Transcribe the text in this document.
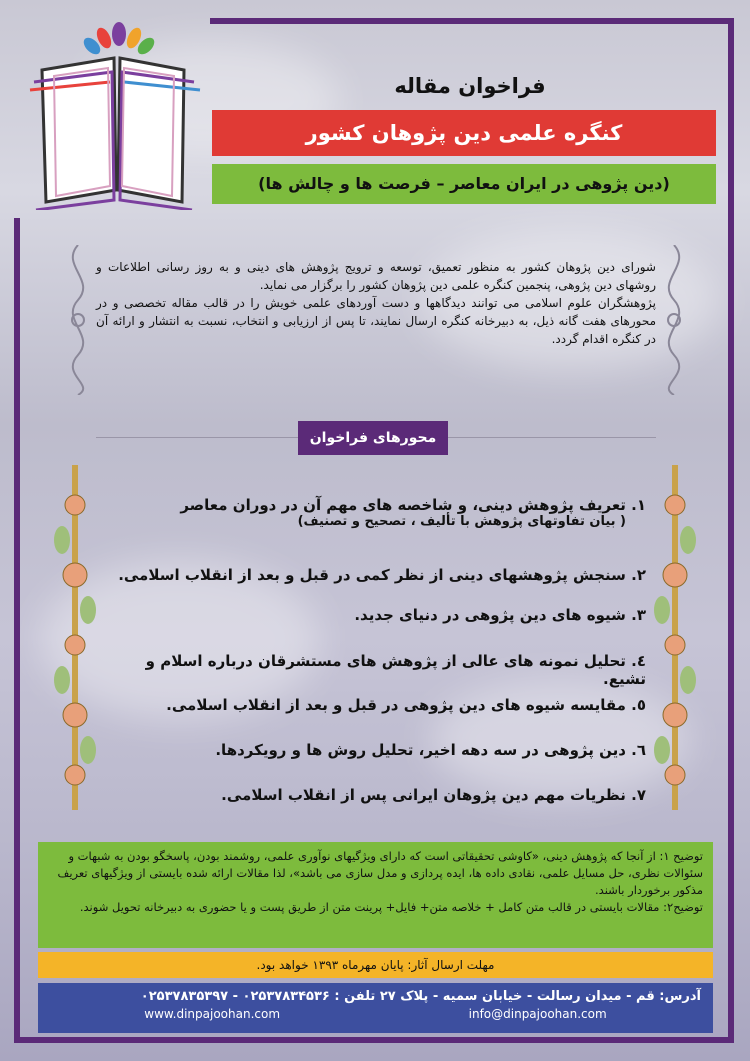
فراخوان مقاله
کنگره علمی دین پژوهان کشور
(دین پژوهی در ایران معاصر – فرصت ها و چالش ها)

شورای دین پژوهان کشور به منظور تعمیق، توسعه و ترویج پژوهش های دینی و به روز رسانی اطلاعات و روشهای دین پژوهی، پنجمین کنگره علمی دین پژوهان کشور را برگزار می نماید.

پژوهشگران علوم اسلامی می توانند دیدگاهها و دست آوردهای علمی خویش را در قالب مقاله تخصصی و در محورهای هفت گانه ذیل، به دبیرخانه کنگره ارسال نمایند، تا پس از ارزیابی و انتخاب، نسبت به انتشار و ارائه آن در کنگره اقدام گردد.

محورهای فراخوان

۱. تعریف پژوهش دینی، و شاخصه های مهم آن در دوران معاصر
( بیان تفاوتهای پژوهش با تألیف ، تصحیح و تصنیف)

۲. سنجش پژوهشهای دینی از نظر کمی در قبل و بعد از انقلاب اسلامی.

۳. شیوه های دین پژوهی در دنیای جدید.

٤. تحلیل نمونه های عالی از پژوهش های مستشرقان درباره اسلام و تشیع.

٥. مقایسه شیوه های دین پژوهی در قبل و بعد از انقلاب اسلامی.

٦. دین پژوهی در سه دهه اخیر، تحلیل روش ها و رویکردها.

۷. نظریات مهم دین پژوهان ایرانی پس از انقلاب اسلامی.

توضیح ۱: از آنجا که پژوهش دینی، «کاوشی تحقیقاتی است که دارای ویژگیهای نوآوری علمی، روشمند بودن، پاسخگو بودن به شبهات و سئوالات نظری، حل مسایل علمی، نقادی داده ها، ایده پردازی و مدل سازی می باشد»، لذا مقالات ارائه شده بایستی از ویژگیهای تعریف مذکور برخوردار باشند.

توضیح۲: مقالات بایستی در قالب متن کامل + خلاصه متن+ فایل+ پرینت متن از طریق پست و یا حضوری به دبیرخانه تحویل شوند.

مهلت ارسال آثار: پایان مهرماه ۱۳۹۳ خواهد بود.
آدرس: قم - میدان رسالت - خیابان سمیه - پلاک ۲۷ تلفن : ۰۲۵۳۷۸۳۴۵۳۶ - ۰۲۵۳۷۸۳۵۳۹۷
www.dinpajoohan.com	info@dinpajoohan.com
